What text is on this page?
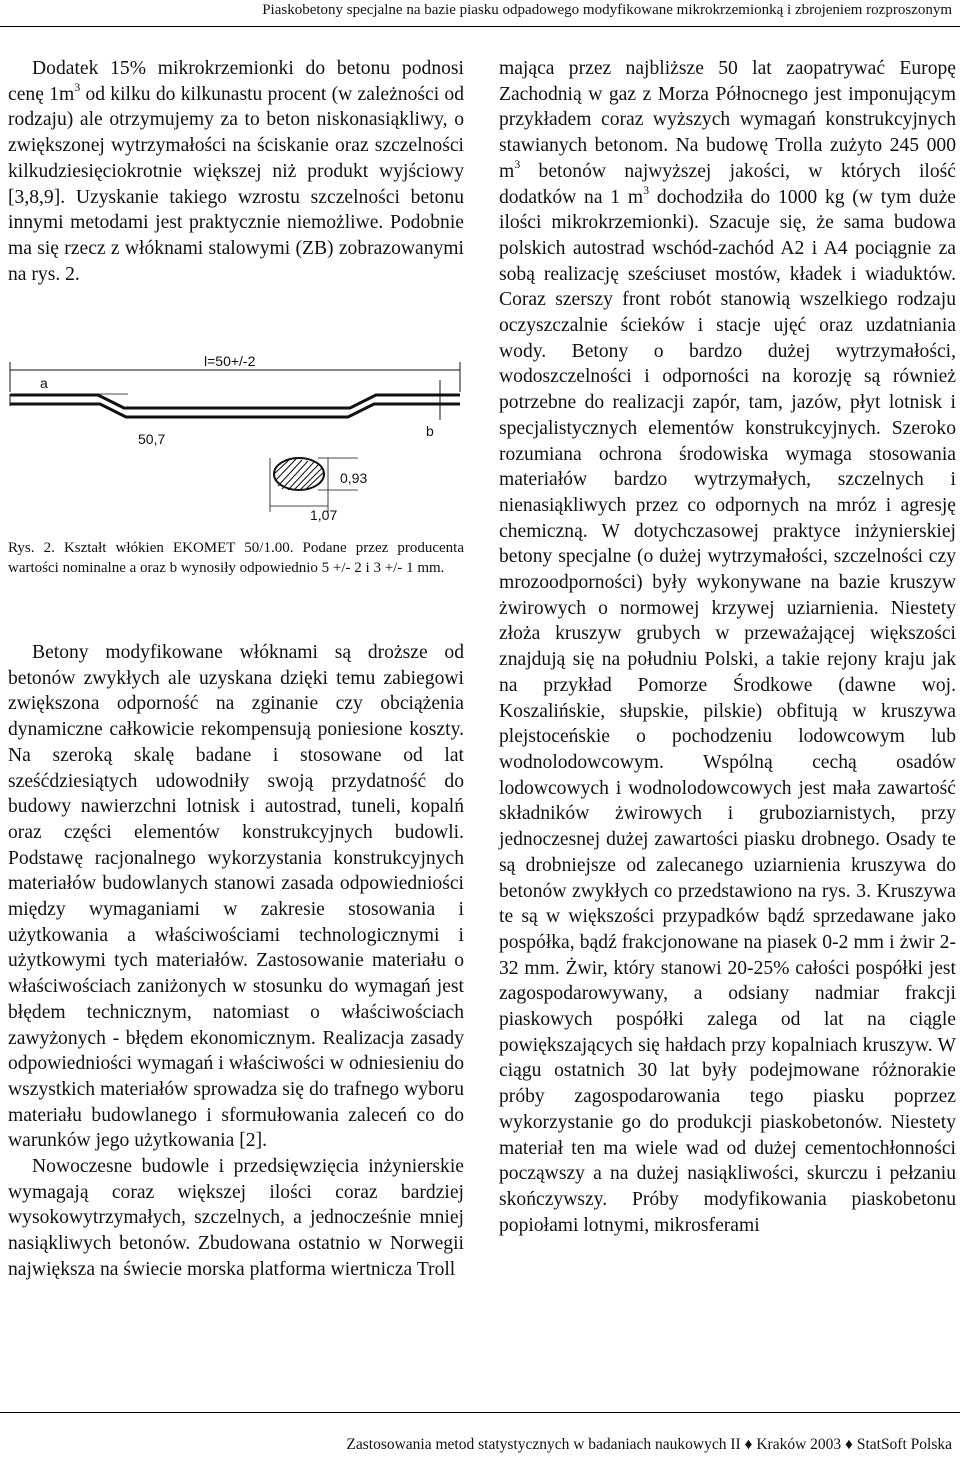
Piaskobetony specjalne na bazie piasku odpadowego modyfikowane mikrokrzemionką i zbrojeniem rozproszonym

Dodatek 15% mikrokrzemionki do betonu podnosi cenę $1m^3$ od kilku do kilkunastu procent (w zależności od rodzaju) ale otrzymujemy za to beton niskonasiąkliwy, o zwiększonej wytrzymałości na ściskanie oraz szczelności kilkudziesięciokrotnie większej niż produkt wyjściowy [3,8,9]. Uzyskanie takiego wzrostu szczelności betonu innymi metodami jest praktycznie niemożliwe. Podobnie ma się rzecz z włóknami stalowymi (ZB) zobrazowanymi na rys. 2.

a
l=50+/-2
b
50,7
0,93
1,07
Rys. 2. Kształt włókien EKOMET 50/1.00. Podane przez producenta wartości nominalne a oraz b wynosiły odpowiednio 5 +/- 2 i 3 +/- 1 mm.

Betony modyfikowane włóknami są droższe od betonów zwykłych ale uzyskana dzięki temu zabiegowi zwiększona odporność na zginanie czy obciążenia dynamiczne całkowicie rekompensują poniesione koszty. Na szeroką skalę badane i stosowane od lat sześćdziesiątych udowodniły swoją przydatność do budowy nawierzchni lotnisk i autostrad, tuneli, kopalń oraz części elementów konstrukcyjnych budowli. Podstawę racjonalnego wykorzystania konstrukcyjnych materiałów budowlanych stanowi zasada odpowiedniości między wymaganiami w zakresie stosowania i użytkowania a właściwościami technologicznymi i użytkowymi tych materiałów. Zastosowanie materiału o właściwościach zaniżonych w stosunku do wymagań jest błędem technicznym, natomiast o właściwościach zawyżonych - błędem ekonomicznym. Realizacja zasady odpowiedniości wymagań i właściwości w odniesieniu do wszystkich materiałów sprowadza się do trafnego wyboru materiału budowlanego i sformułowania zaleceń co do warunków jego użytkowania [2].

Nowoczesne budowle i przedsięwzięcia inżynierskie wymagają coraz większej ilości coraz bardziej wysokowytrzymałych, szczelnych, a jednocześnie mniej nasiąkliwych betonów. Zbudowana ostatnio w Norwegii największa na świecie morska platforma wiertnicza Troll

mająca przez najbliższe 50 lat zaopatrywać Europę Zachodnią w gaz z Morza Północnego jest imponującym przykładem coraz wyższych wymagań konstrukcyjnych stawianych betonom. Na budowę Trolla zużyto 245 000 $m^3$ betonów najwyższej jakości, w których ilość dodatków na 1 $m^3$ dochodziła do 1000 kg (w tym duże ilości mikrokrzemionki). Szacuje się, że sama budowa polskich autostrad wschód-zachód A2 i A4 pociągnie za sobą realizację sześciuset mostów, kładek i wiaduktów. Coraz szerszy front robót stanowią wszelkiego rodzaju oczyszczalnie ścieków i stacje ujęć oraz uzdatniania wody. Betony o bardzo dużej wytrzymałości, wodoszczelności i odporności na korozję są również potrzebne do realizacji zapór, tam, jazów, płyt lotnisk i specjalistycznych elementów konstrukcyjnych. Szeroko rozumiana ochrona środowiska wymaga stosowania materiałów bardzo wytrzymałych, szczelnych i nienasiąkliwych przez co odpornych na mróz i agresję chemiczną. W dotychczasowej praktyce inżynierskiej betony specjalne (o dużej wytrzymałości, szczelności czy mrozoodporności) były wykonywane na bazie kruszyw żwirowych o normowej krzywej uziarnienia. Niestety złoża kruszyw grubych w przeważającej większości znajdują się na południu Polski, a takie rejony kraju jak na przykład Pomorze Środkowe (dawne woj. Koszalińskie, słupskie, pilskie) obfitują w kruszywa plejstoceńskie o pochodzeniu lodowcowym lub wodnolodowcowym. Wspólną cechą osadów lodowcowych i wodnolodowcowych jest mała zawartość składników żwirowych i gruboziarnistych, przy jednoczesnej dużej zawartości piasku drobnego. Osady te są drobniejsze od zalecanego uziarnienia kruszywa do betonów zwykłych co przedstawiono na rys. 3. Kruszywa te są w większości przypadków bądź sprzedawane jako pospółka, bądź frakcjonowane na piasek 0-2 mm i żwir 2-32 mm. Żwir, który stanowi 20-25% całości pospółki jest zagospodarowywany, a odsiany nadmiar frakcji piaskowych pospółki zalega od lat na ciągle powiększających się hałdach przy kopalniach kruszyw. W ciągu ostatnich 30 lat były podejmowane różnorakie próby zagospodarowania tego piasku poprzez wykorzystanie go do produkcji piaskobetonów. Niestety materiał ten ma wiele wad od dużej cementochłonności począwszy a na dużej nasiąkliwości, skurczu i pełzaniu skończywszy. Próby modyfikowania piaskobetonu popiołami lotnymi, mikrosferami

Zastosowania metod statystycznych w badaniach naukowych II ♦ Kraków 2003 ♦ StatSoft Polska
